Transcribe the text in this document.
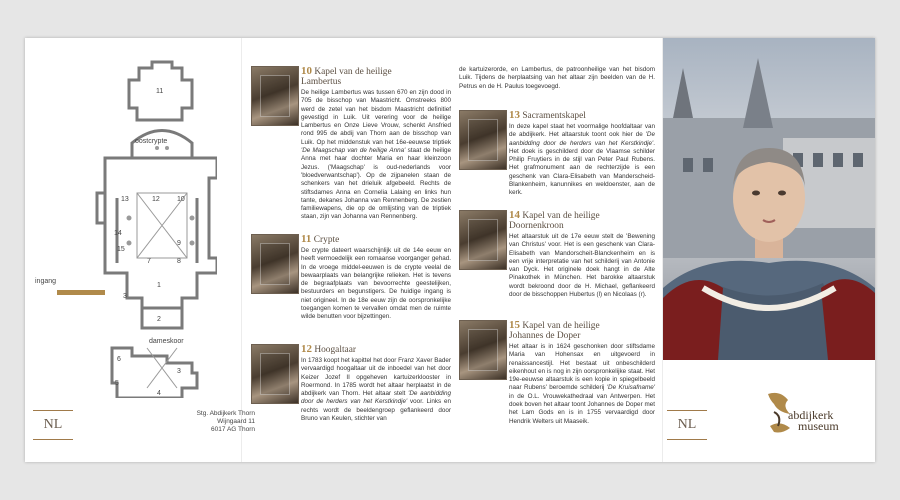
11
13	12 10
14
15
7
9
8
1
3
2
6
5
4
3
oostcrypte
ingang
dameskoor
NL
Stg. Abdijkerk Thorn
Wijngaard 11
6017 AG Thorn
10 Kapel van de heilige
Lambertus
De heilige Lambertus was tussen 670 en zijn dood in 705 de bisschop van Maastricht. Omstreeks 800 werd de zetel van het bisdom Maastricht definitief gevestigd in Luik. Uit verering voor de heilige Lambertus en Onze Lieve Vrouw, schenkt Ansfried rond 995 de abdij van Thorn aan de bisschop van Luik. Op het middenstuk van het 16e-eeuwse triptiek 'De Maagschap van de heilige Anna' staat de heilige Anna met haar dochter Maria en haar kleinzoon Jezus. ('Maagschap' is oud-nederlands voor 'bloedverwantschap'). Op de zijpanelen staan de schenkers van het drieluik afgebeeld. Rechts de stiftsdames Anna en Cornelia Lalaing en links hun tante, dekanes Johanna van Rennenberg. De zestien familiewapens, die op de omlijsting van de triptiek staan, zijn van Johanna van Rennenberg.
11 Crypte
De crypte dateert waarschijnlijk uit de 14e eeuw en heeft vermoedelijk een romaanse voorganger gehad. In de vroege middel-eeuwen is de crypte veelal de bewaarplaats van belangrijke relieken. Het is tevens de begraafplaats van bevoorrechte geestelijken, bestuurders en begunstigers. De huidige ingang is niet origineel. In de 18e eeuw zijn de oorspronkelijke toegangen komen te vervallen omdat men de ruimte wilde benutten voor bijzettingen.
12 Hoogaltaar
In 1783 koopt het kapittel het door Franz Xaver Bader vervaardigd hoogaltaar uit de inboedel van het door Keizer Jozef II opgeheven kartuizerklooster in Roermond. In 1785 wordt het altaar herplaatst in de abdijkerk van Thorn. Het altaar stelt 'De aanbidding door de herders van het Kerstkindje' voor. Links en rechts wordt de beeldengroep geflankeerd door Bruno van Keulen, stichter van
de kartuizerorde, en Lambertus, de patroonheilige van het bisdom Luik. Tijdens de herplaatsing van het altaar zijn beelden van de H. Petrus en de H. Paulus toegevoegd.
13 Sacramentskapel
In deze kapel staat het voormalige hoofdaltaar van de abdijkerk. Het altaarstuk toont ook hier de 'De aanbidding door de herders van het Kerstkindje'. Het doek is geschilderd door de Vlaamse schilder Philip Fruytiers in de stijl van Peter Paul Rubens. Het grafmonument aan de rechterzijde is een geschenk van Clara-Elisabeth van Manderscheid-Blankenheim, kanunnikes en weldoenster, aan de kerk.
14 Kapel van de heilige
Doornenkroon
Het altaarstuk uit de 17e eeuw stelt de 'Bewening van Christus' voor. Het is een geschenk van Clara-Elisabeth van Mandorscheit-Blanckenheim en is een vrije interpretatie van het schilderij van Antonie van Dyck. Het originele doek hangt in de Alte Pinakothek in München. Het barokke altaarstuk wordt bekroond door de H. Michael, geflankeerd door de bisschoppen Hubertus (l) en Nicolaas (r).
15 Kapel van de heilige
Johannes de Doper
Het altaar is in 1624 geschonken door stiftsdame Maria van Hohensax en uitgevoerd in renaissancestijl. Het bestaat uit onbeschilderd eikenhout en is nog in zijn oorspronkelijke staat. Het 19e-eeuwse altaarstuk is een kopie in spiegelbeeld naar Rubens' beroemde schilderij 'De Kruisafname' in de O.L. Vrouwekathedraal van Antwerpen. Het doek boven het altaar toont Johannes de Doper met het Lam Gods en is in 1755 vervaardigd door Hendrik Welters uit Maaseik.	NL
abdijkerk
museum
